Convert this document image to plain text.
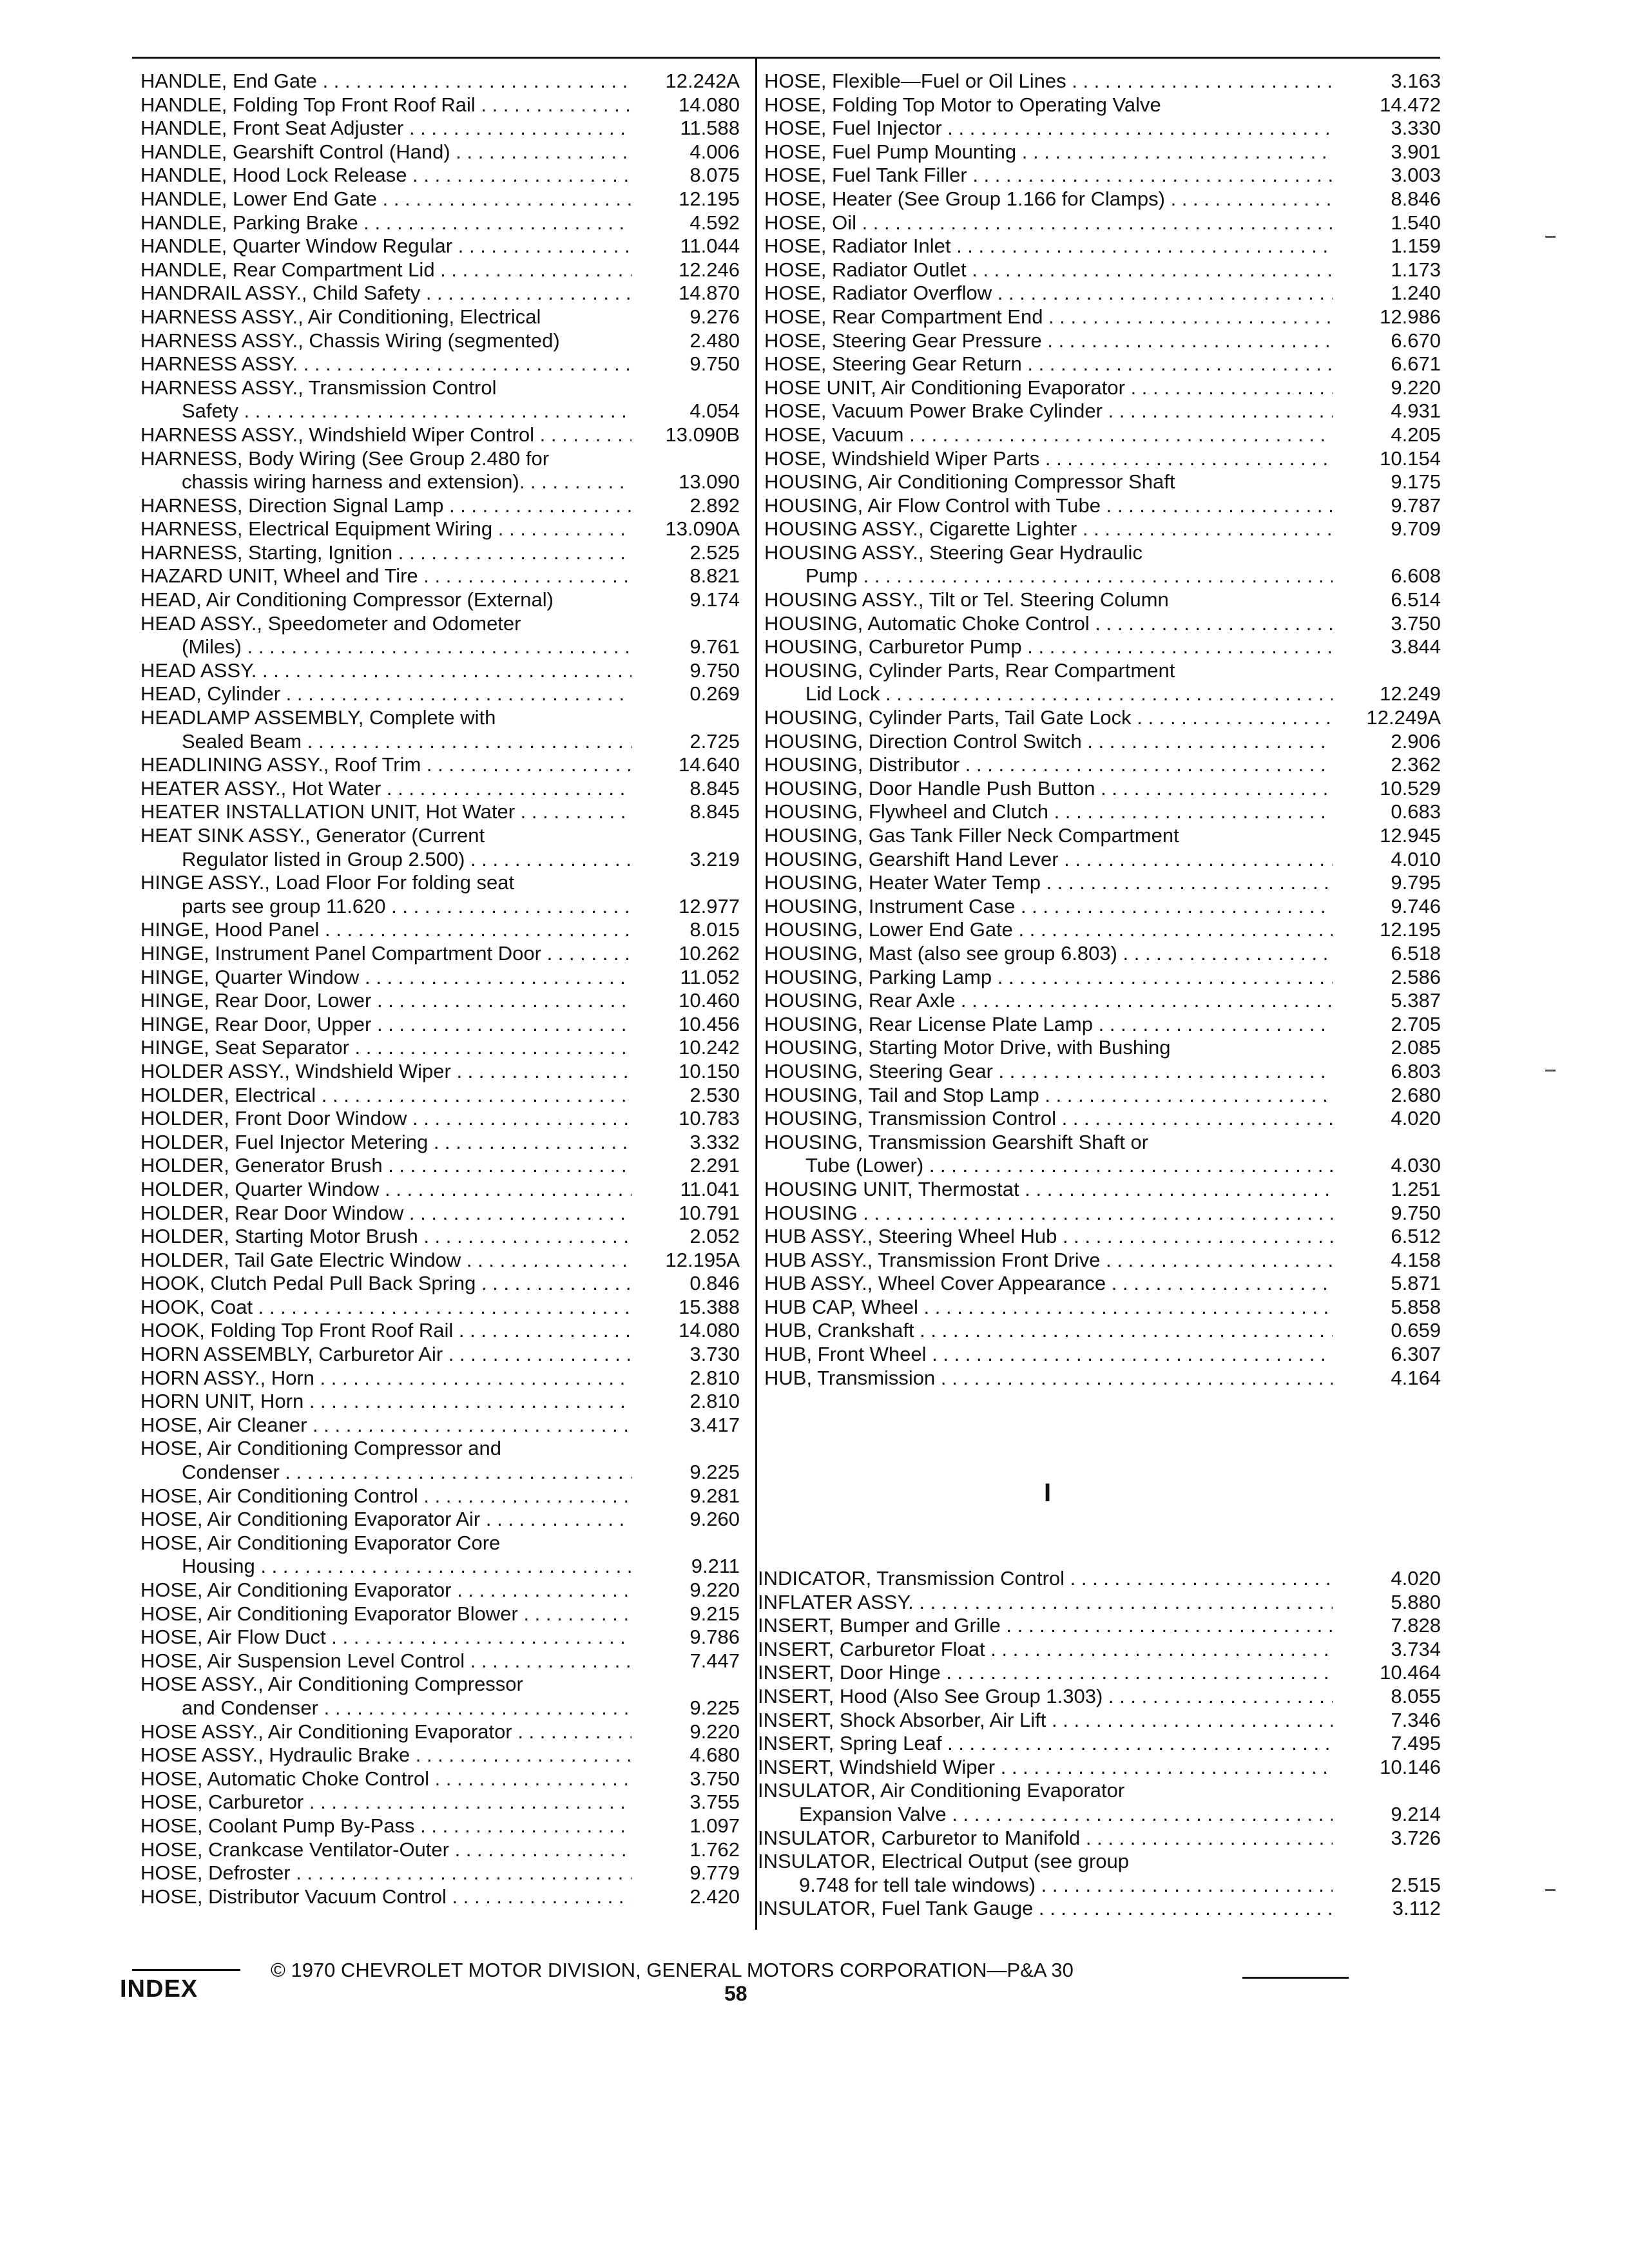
HANDLE, End Gate . . .	12.242A
HANDLE, Folding Top Front Roof Rail . . .	14.080
HANDLE, Front Seat Adjuster . . .	11.588
HANDLE, Gearshift Control (Hand) . . .	4.006
HANDLE, Hood Lock Release . . .	8.075
HANDLE, Lower End Gate . . .	12.195
HANDLE, Parking Brake . . .	4.592
HANDLE, Quarter Window Regular . . .	11.044
HANDLE, Rear Compartment Lid . . .	12.246
HANDRAIL ASSY., Child Safety . . .	14.870
HARNESS ASSY., Air Conditioning, Electrical	9.276
HARNESS ASSY., Chassis Wiring (segmented)	2.480
HARNESS ASSY. . . .	9.750
HARNESS ASSY., Transmission Control
Safety . . .	4.054
HARNESS ASSY., Windshield Wiper Control . . .	13.090B
HARNESS, Body Wiring (See Group 2.480 for
chassis wiring harness and extension). . . .	13.090
HARNESS, Direction Signal Lamp . . .	2.892
HARNESS, Electrical Equipment Wiring . . .	13.090A
HARNESS, Starting, Ignition . . .	2.525
HAZARD UNIT, Wheel and Tire . . .	8.821
HEAD, Air Conditioning Compressor (External)	9.174
HEAD ASSY., Speedometer and Odometer
(Miles) . . .	9.761
HEAD ASSY. . . .	9.750
HEAD, Cylinder . . .	0.269
HEADLAMP ASSEMBLY, Complete with
Sealed Beam . . .	2.725
HEADLINING ASSY., Roof Trim . . .	14.640
HEATER ASSY., Hot Water . . .	8.845
HEATER INSTALLATION UNIT, Hot Water . . .	8.845
HEAT SINK ASSY., Generator (Current
Regulator listed in Group 2.500) . . .	3.219
HINGE ASSY., Load Floor For folding seat
parts see group 11.620 . . .	12.977
HINGE, Hood Panel . . .	8.015
HINGE, Instrument Panel Compartment Door . . .	10.262
HINGE, Quarter Window . . .	11.052
HINGE, Rear Door, Lower . . .	10.460
HINGE, Rear Door, Upper . . .	10.456
HINGE, Seat Separator . . .	10.242
HOLDER ASSY., Windshield Wiper . . .	10.150
HOLDER, Electrical . . .	2.530
HOLDER, Front Door Window . . .	10.783
HOLDER, Fuel Injector Metering . . .	3.332
HOLDER, Generator Brush . . .	2.291
HOLDER, Quarter Window . . .	11.041
HOLDER, Rear Door Window . . .	10.791
HOLDER, Starting Motor Brush . . .	2.052
HOLDER, Tail Gate Electric Window . . .	12.195A
HOOK, Clutch Pedal Pull Back Spring . . .	0.846
HOOK, Coat . . .	15.388
HOOK, Folding Top Front Roof Rail . . .	14.080
HORN ASSEMBLY, Carburetor Air . . .	3.730
HORN ASSY., Horn . . .	2.810
HORN UNIT, Horn . . .	2.810
HOSE, Air Cleaner . . .	3.417
HOSE, Air Conditioning Compressor and
Condenser . . .	9.225
HOSE, Air Conditioning Control . . .	9.281
HOSE, Air Conditioning Evaporator Air . . .	9.260
HOSE, Air Conditioning Evaporator Core
Housing . . .	9.211
HOSE, Air Conditioning Evaporator . . .	9.220
HOSE, Air Conditioning Evaporator Blower . . .	9.215
HOSE, Air Flow Duct . . .	9.786
HOSE, Air Suspension Level Control . . .	7.447
HOSE ASSY., Air Conditioning Compressor
and Condenser . . .	9.225
HOSE ASSY., Air Conditioning Evaporator . . .	9.220
HOSE ASSY., Hydraulic Brake . . .	4.680
HOSE, Automatic Choke Control . . .	3.750
HOSE, Carburetor . . .	3.755
HOSE, Coolant Pump By-Pass . . .	1.097
HOSE, Crankcase Ventilator-Outer . . .	1.762
HOSE, Defroster . . .	9.779
HOSE, Distributor Vacuum Control . . .	2.420
HOSE, Flexible—Fuel or Oil Lines . . .	3.163
HOSE, Folding Top Motor to Operating Valve	14.472
HOSE, Fuel Injector . . .	3.330
HOSE, Fuel Pump Mounting . . .	3.901
HOSE, Fuel Tank Filler . . .	3.003
HOSE, Heater (See Group 1.166 for Clamps) . . .	8.846
HOSE, Oil . . .	1.540
HOSE, Radiator Inlet . . .	1.159
HOSE, Radiator Outlet . . .	1.173
HOSE, Radiator Overflow . . .	1.240
HOSE, Rear Compartment End . . .	12.986
HOSE, Steering Gear Pressure . . .	6.670
HOSE, Steering Gear Return . . .	6.671
HOSE UNIT, Air Conditioning Evaporator . . .	9.220
HOSE, Vacuum Power Brake Cylinder . . .	4.931
HOSE, Vacuum . . .	4.205
HOSE, Windshield Wiper Parts . . .	10.154
HOUSING, Air Conditioning Compressor Shaft	9.175
HOUSING, Air Flow Control with Tube . . .	9.787
HOUSING ASSY., Cigarette Lighter . . .	9.709
HOUSING ASSY., Steering Gear Hydraulic
Pump . . .	6.608
HOUSING ASSY., Tilt or Tel. Steering Column	6.514
HOUSING, Automatic Choke Control . . .	3.750
HOUSING, Carburetor Pump . . .	3.844
HOUSING, Cylinder Parts, Rear Compartment
Lid Lock . . .	12.249
HOUSING, Cylinder Parts, Tail Gate Lock . . .	12.249A
HOUSING, Direction Control Switch . . .	2.906
HOUSING, Distributor . . .	2.362
HOUSING, Door Handle Push Button . . .	10.529
HOUSING, Flywheel and Clutch . . .	0.683
HOUSING, Gas Tank Filler Neck Compartment	12.945
HOUSING, Gearshift Hand Lever . . .	4.010
HOUSING, Heater Water Temp . . .	9.795
HOUSING, Instrument Case . . .	9.746
HOUSING, Lower End Gate . . .	12.195
HOUSING, Mast (also see group 6.803) . . .	6.518
HOUSING, Parking Lamp . . .	2.586
HOUSING, Rear Axle . . .	5.387
HOUSING, Rear License Plate Lamp . . .	2.705
HOUSING, Starting Motor Drive, with Bushing	2.085
HOUSING, Steering Gear . . .	6.803
HOUSING, Tail and Stop Lamp . . .	2.680
HOUSING, Transmission Control . . .	4.020
HOUSING, Transmission Gearshift Shaft or
Tube (Lower) . . .	4.030
HOUSING UNIT, Thermostat . . .	1.251
HOUSING . . .	9.750
HUB ASSY., Steering Wheel Hub . . .	6.512
HUB ASSY., Transmission Front Drive . . .	4.158
HUB ASSY., Wheel Cover Appearance . . .	5.871
HUB CAP, Wheel . . .	5.858
HUB, Crankshaft . . .	0.659
HUB, Front Wheel . . .	6.307
HUB, Transmission . . .	4.164
I
INDICATOR, Transmission Control . . .	4.020
INFLATER ASSY. . . .	5.880
INSERT, Bumper and Grille . . .	7.828
INSERT, Carburetor Float . . .	3.734
INSERT, Door Hinge . . .	10.464
INSERT, Hood (Also See Group 1.303) . . .	8.055
INSERT, Shock Absorber, Air Lift . . .	7.346
INSERT, Spring Leaf . . .	7.495
INSERT, Windshield Wiper . . .	10.146
INSULATOR, Air Conditioning Evaporator
Expansion Valve . . .	9.214
INSULATOR, Carburetor to Manifold . . .	3.726
INSULATOR, Electrical Output (see group
9.748 for tell tale windows) . . .	2.515
INSULATOR, Fuel Tank Gauge . . .	3.112
INDEX
© 1970 CHEVROLET MOTOR DIVISION, GENERAL MOTORS CORPORATION—P&A 30
58
